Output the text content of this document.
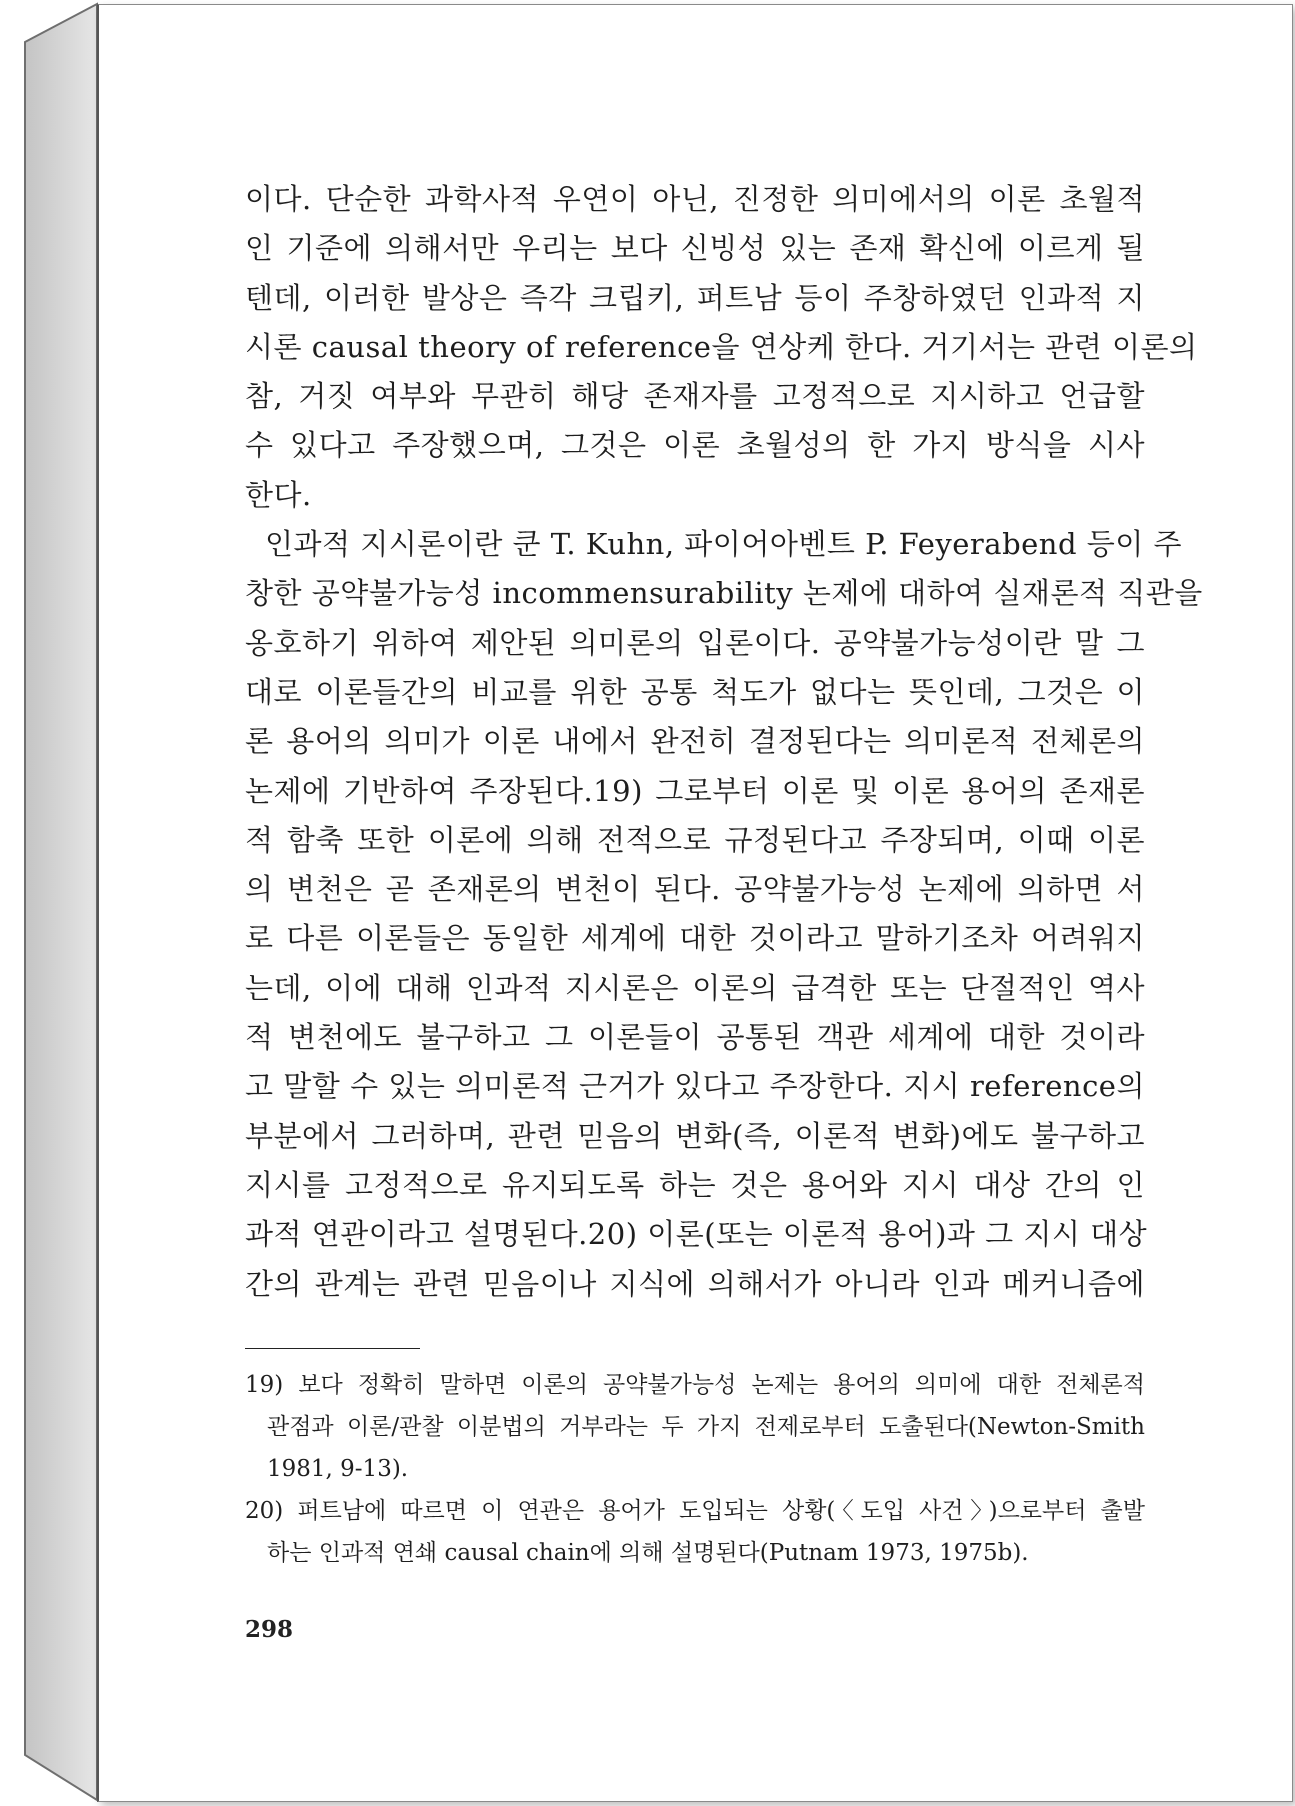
이다. 단순한 과학사적 우연이 아닌, 진정한 의미에서의 이론 초월적
인 기준에 의해서만 우리는 보다 신빙성 있는 존재 확신에 이르게 될
텐데, 이러한 발상은 즉각 크립키, 퍼트남 등이 주창하였던 인과적 지
시론 causal theory of reference을 연상케 한다. 거기서는 관련 이론의
참, 거짓 여부와 무관히 해당 존재자를 고정적으로 지시하고 언급할
수 있다고 주장했으며, 그것은 이론 초월성의 한 가지 방식을 시사
한다.
인과적 지시론이란 쿤 T. Kuhn, 파이어아벤트 P. Feyerabend 등이 주
창한 공약불가능성 incommensurability 논제에 대하여 실재론적 직관을
옹호하기 위하여 제안된 의미론의 입론이다. 공약불가능성이란 말 그
대로 이론들간의 비교를 위한 공통 척도가 없다는 뜻인데, 그것은 이
론 용어의 의미가 이론 내에서 완전히 결정된다는 의미론적 전체론의
논제에 기반하여 주장된다.19) 그로부터 이론 및 이론 용어의 존재론
적 함축 또한 이론에 의해 전적으로 규정된다고 주장되며, 이때 이론
의 변천은 곧 존재론의 변천이 된다. 공약불가능성 논제에 의하면 서
로 다른 이론들은 동일한 세계에 대한 것이라고 말하기조차 어려워지
는데, 이에 대해 인과적 지시론은 이론의 급격한 또는 단절적인 역사
적 변천에도 불구하고 그 이론들이 공통된 객관 세계에 대한 것이라
고 말할 수 있는 의미론적 근거가 있다고 주장한다. 지시 reference의
부분에서 그러하며, 관련 믿음의 변화(즉, 이론적 변화)에도 불구하고
지시를 고정적으로 유지되도록 하는 것은 용어와 지시 대상 간의 인
과적 연관이라고 설명된다.20) 이론(또는 이론적 용어)과 그 지시 대상
간의 관계는 관련 믿음이나 지식에 의해서가 아니라 인과 메커니즘에
19) 보다 정확히 말하면 이론의 공약불가능성 논제는 용어의 의미에 대한 전체론적
관점과 이론/관찰 이분법의 거부라는 두 가지 전제로부터 도출된다(Newton-Smith
1981, 9-13).
20) 퍼트남에 따르면 이 연관은 용어가 도입되는 상황(〈도입 사건〉)으로부터 출발
하는 인과적 연쇄 causal chain에 의해 설명된다(Putnam 1973, 1975b).
298
